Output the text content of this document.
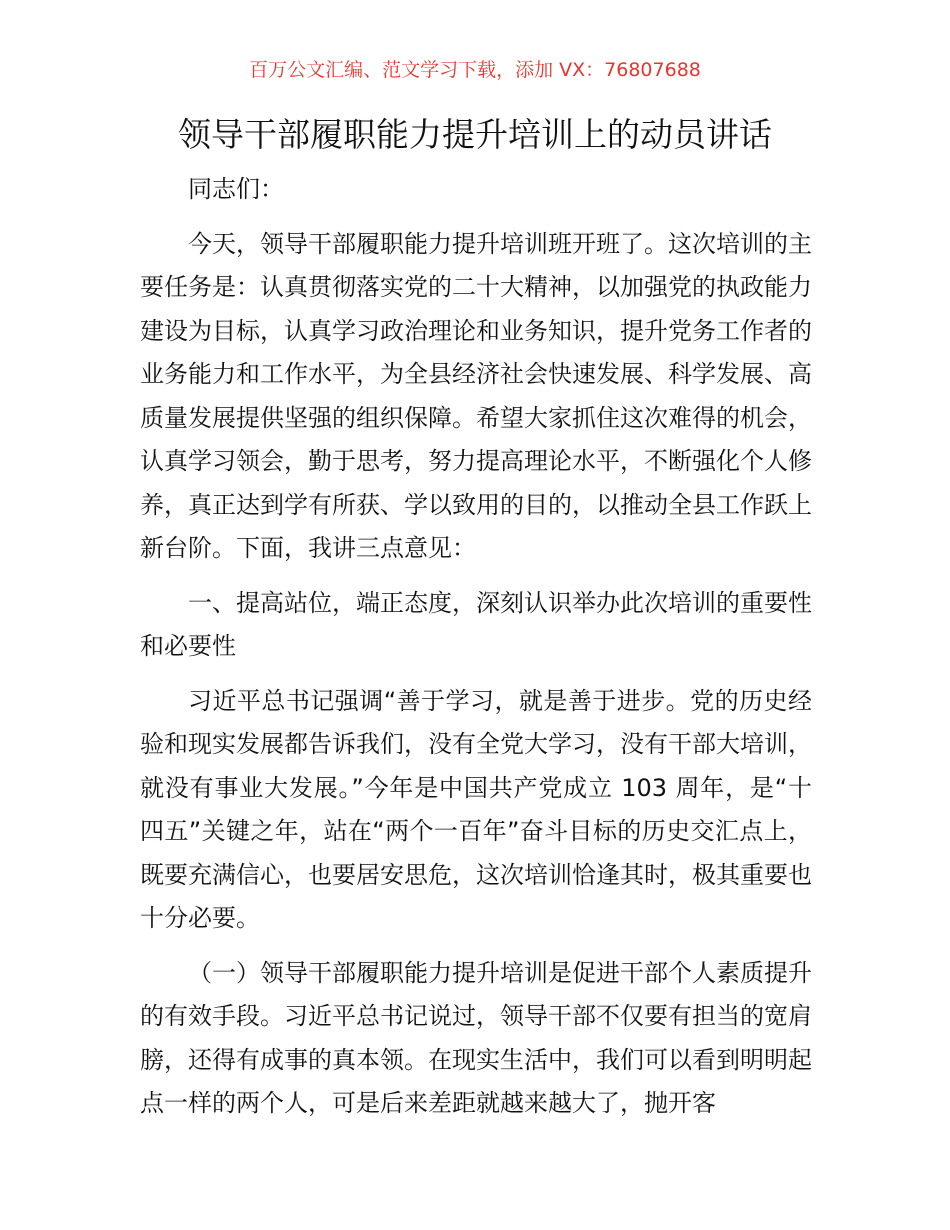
百万公文汇编、范文学习下载，添加 VX：76807688
领导干部履职能力提升培训上的动员讲话

同志们：

今天，领导干部履职能力提升培训班开班了。这次培训的主要任务是：认真贯彻落实党的二十大精神，以加强党的执政能力建设为目标，认真学习政治理论和业务知识，提升党务工作者的业务能力和工作水平，为全县经济社会快速发展、科学发展、高质量发展提供坚强的组织保障。希望大家抓住这次难得的机会，认真学习领会，勤于思考，努力提高理论水平，不断强化个人修养，真正达到学有所获、学以致用的目的，以推动全县工作跃上新台阶。下面，我讲三点意见：

一、提高站位，端正态度，深刻认识举办此次培训的重要性和必要性

习近平总书记强调“善于学习，就是善于进步。党的历史经验和现实发展都告诉我们，没有全党大学习，没有干部大培训，就没有事业大发展。”今年是中国共产党成立 103 周年，是“十四五”关键之年，站在“两个一百年”奋斗目标的历史交汇点上，既要充满信心，也要居安思危，这次培训恰逢其时，极其重要也十分必要。

（一）领导干部履职能力提升培训是促进干部个人素质提升的有效手段。习近平总书记说过，领导干部不仅要有担当的宽肩膀，还得有成事的真本领。在现实生活中，我们可以看到明明起点一样的两个人，可是后来差距就越来越大了，抛开客
